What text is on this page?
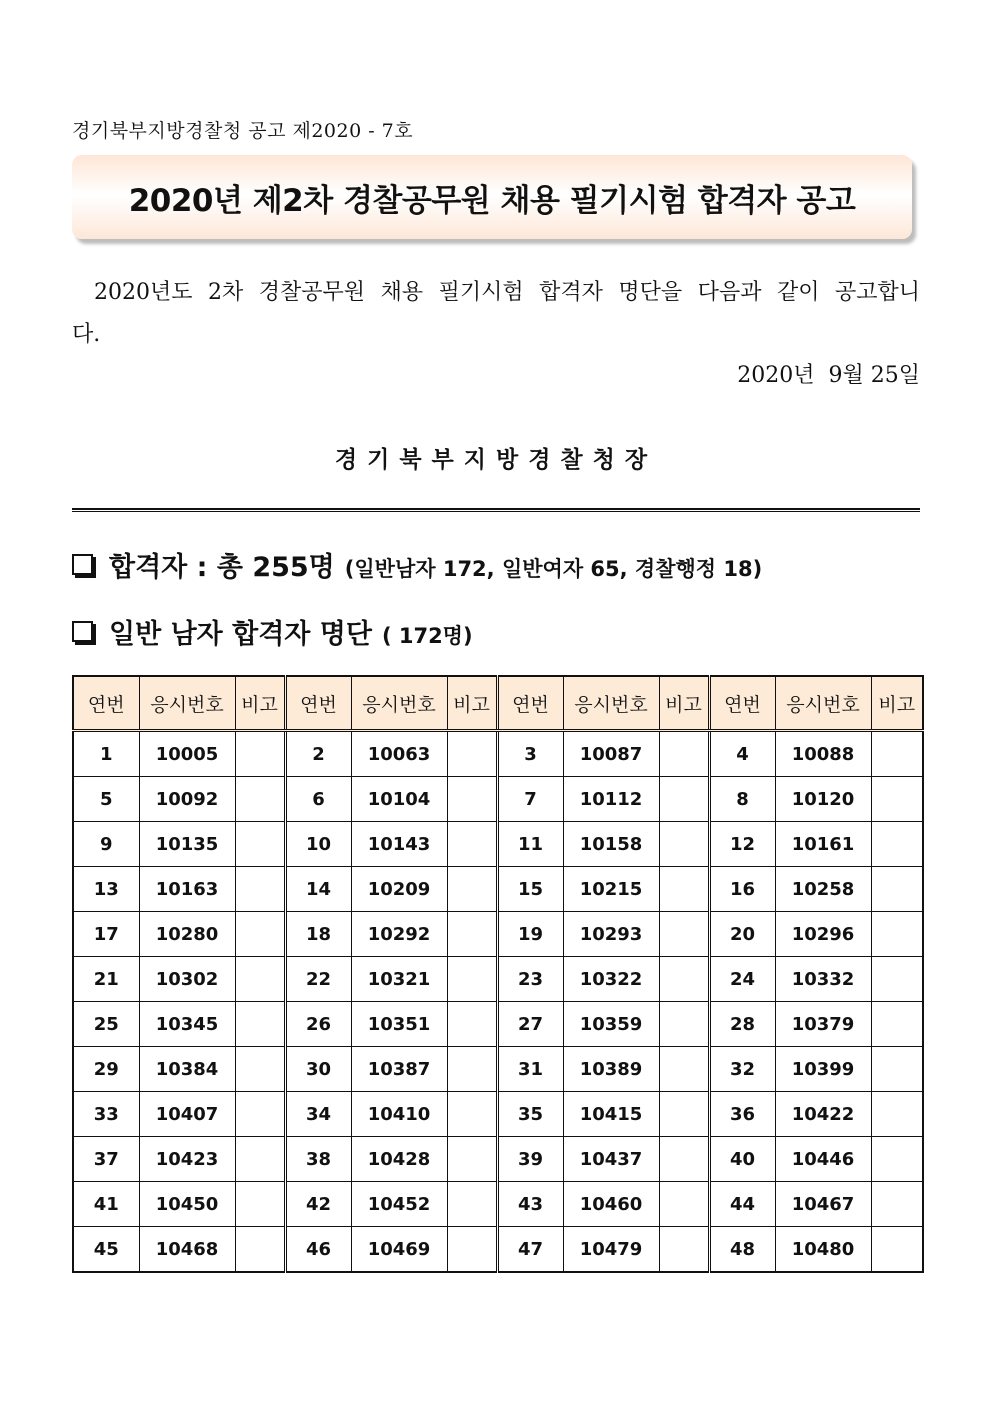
경기북부지방경찰청 공고 제2020 - 7호
2020년 제2차 경찰공무원 채용 필기시험 합격자 공고
2020년도 2차 경찰공무원 채용 필기시험 합격자 명단을 다음과 같이 공고합니다.
2020년  9월 25일
경기북부지방경찰청장
합격자 : 총 255명 (일반남자 172, 일반여자 65, 경찰행정 18)
일반 남자 합격자 명단 ( 172명)
연번	응시번호	비고	연번	응시번호	비고	연번	응시번호	비고	연번	응시번호	비고
1	10005		2	10063		3	10087		4	10088	
5	10092		6	10104		7	10112		8	10120	
9	10135		10	10143		11	10158		12	10161	
13	10163		14	10209		15	10215		16	10258	
17	10280		18	10292		19	10293		20	10296	
21	10302		22	10321		23	10322		24	10332	
25	10345		26	10351		27	10359		28	10379	
29	10384		30	10387		31	10389		32	10399	
33	10407		34	10410		35	10415		36	10422	
37	10423		38	10428		39	10437		40	10446	
41	10450		42	10452		43	10460		44	10467	
45	10468		46	10469		47	10479		48	10480	
